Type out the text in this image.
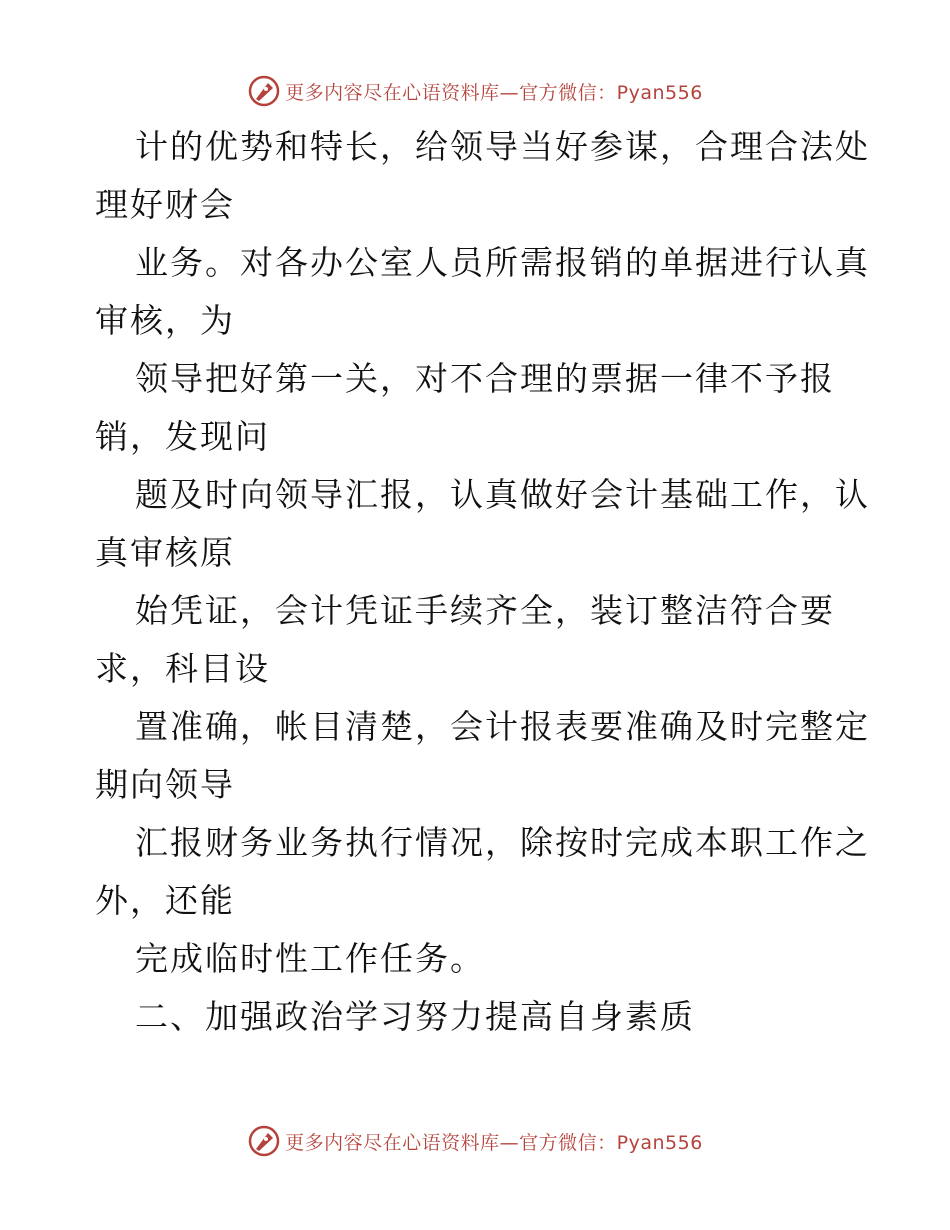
更多内容尽在心语资料库—官方微信：Pyan556
计的优势和特长，给领导当好参谋，合理合法处
理好财会
业务。对各办公室人员所需报销的单据进行认真
审核，为
领导把好第一关，对不合理的票据一律不予报
销，发现问
题及时向领导汇报，认真做好会计基础工作，认
真审核原
始凭证，会计凭证手续齐全，装订整洁符合要
求，科目设
置准确，帐目清楚，会计报表要准确及时完整定
期向领导
汇报财务业务执行情况，除按时完成本职工作之
外，还能
完成临时性工作任务。
二、加强政治学习努力提高自身素质
更多内容尽在心语资料库—官方微信：Pyan556
